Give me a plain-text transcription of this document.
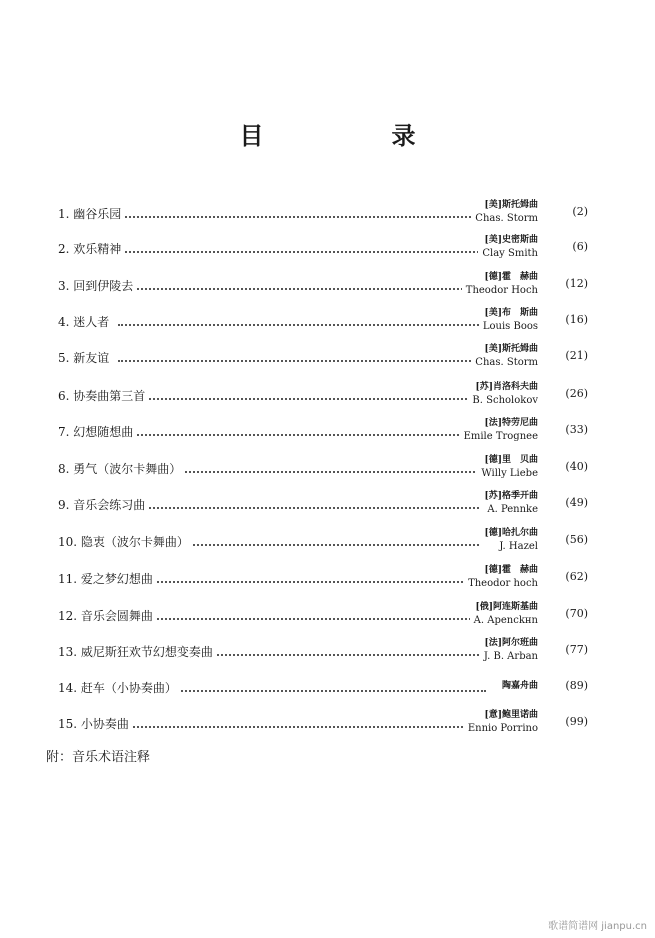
目　录
1. 幽谷乐园
[美]斯托姆曲
Chas. Storm
(2)
2. 欢乐精神
[美]史密斯曲
Clay Smith
(6)
3. 回到伊陵去
[德]霍　赫曲
Theodor Hoch
(12)
4. 迷人者
[美]布　斯曲
Louis Boos
(16)
5. 新友谊
[美]斯托姆曲
Chas. Storm
(21)
6. 协奏曲第三首
[苏]肖洛科夫曲
B. Scholokov
(26)
7. 幻想随想曲
[法]特劳尼曲
Emile Trognee
(33)
8. 勇气（波尔卡舞曲）
[德]里　贝曲
Willy Liebe
(40)
9. 音乐会练习曲
[苏]格季开曲
A. Pennke
(49)
10. 隐衷（波尔卡舞曲）
[德]哈扎尔曲
J. Hazel
(56)
11. 爱之梦幻想曲
[德]霍　赫曲
Theodor hoch
(62)
12. 音乐会圆舞曲
[俄]阿连斯基曲
A. Apenckнn
(70)
13. 威尼斯狂欢节幻想变奏曲
[法]阿尔班曲
J. B. Arban
(77)
14. 赶车（小协奏曲）	陶嘉舟曲 (89)
15. 小协奏曲
[意]鲍里诺曲
Ennio Porrino
(99)
附：音乐术语注释
歌谱简谱网 jianpu.cn
